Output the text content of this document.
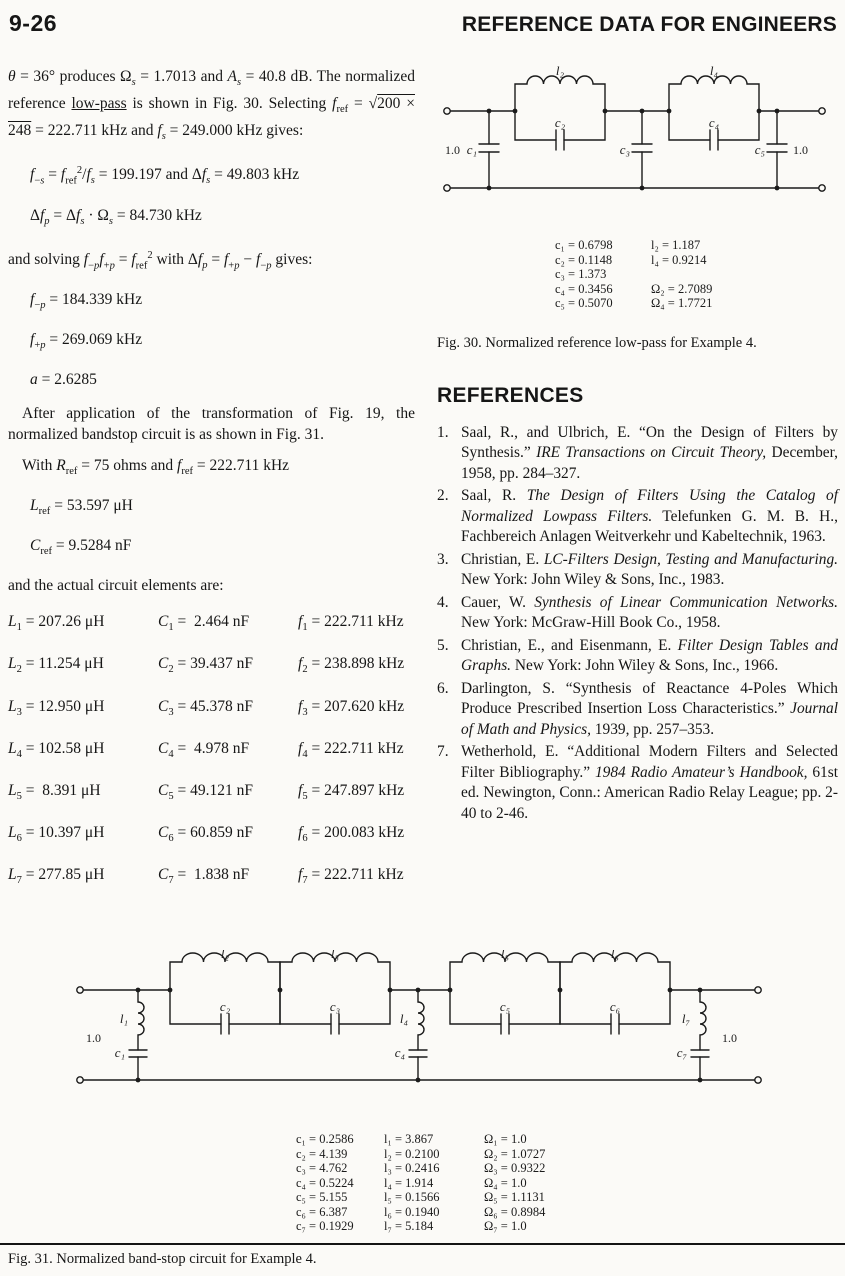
9-26	REFERENCE DATA FOR ENGINEERS

θ = 36° produces $\Omega_s = 1.7013$ and $A_s = 40.8$ dB. The normalized reference low-pass is shown in Fig. 30. Selecting $f_{ref} = √200 \times 248 = 222.711$ kHz and $f_s = 249.000$ kHz gives:

$f_{-s} = f_{ref}^2/f_s = 199.197$ and $\Delta f_s = 49.803$ kHz

$\Delta f_p = \Delta f_s \cdot \Omega_s = 84.730$ kHz

and solving $f_{-p}f_{+p} = f_{ref}^2$ with $\Delta f_p = f_{+p} - f_{-p}$ gives:

$f_{-p} = 184.339$ kHz

$f_{+p} = 269.069$ kHz

a = 2.6285

After application of the transformation of Fig. 19, the normalized bandstop circuit is as shown in Fig. 31.

With $R_{ref} = 75$ ohms and $f_{ref} = 222.711$ kHz

$L_{ref} = 53.597$ μH

$C_{ref} = 9.5284$ nF

and the actual circuit elements are:

$L_1 = 207.26$ μH	$C_1 = 2.464$ nF	$f_1 = 222.711$ kHz
$L_2 = 11.254$ μH	$C_2 = 39.437$ nF	$f_2 = 238.898$ kHz
$L_3 = 12.950$ μH	$C_3 = 45.378$ nF	$f_3 = 207.620$ kHz
$L_4 = 102.58$ μH	$C_4 = 4.978$ nF	$f_4 = 222.711$ kHz
$L_5 = 8.391$ μH	$C_5 = 49.121$ nF	$f_5 = 247.897$ kHz
$L_6 = 10.397$ μH	$C_6 = 60.859$ nF	$f_6 = 200.083$ kHz
$L_7 = 277.85$ μH	$C_7 = 1.838$ nF	$f_7 = 222.711$ kHz
l₂	l₄
c₂	c₄
1.0 c₁	c₃	c₅ 1.0
c₁ = 0.6798	l₂ = 1.187
c₂ = 0.1148	l₄ = 0.9214
c₃ = 1.373
c₄ = 0.3456	Ω₂ = 2.7089
c₅ = 0.5070	Ω₄ = 1.7721
Fig. 30. Normalized reference low-pass for Example 4.
REFERENCES
1. Saal, R., and Ulbrich, E. “On the Design of Filters by Synthesis.” IRE Transactions on Circuit Theory, December, 1958, pp. 284–327.
2. Saal, R. The Design of Filters Using the Catalog of Normalized Lowpass Filters. Telefunken G. M. B. H., Fachbereich Anlagen Weitverkehr und Kabeltechnik, 1963.
3. Christian, E. LC-Filters Design, Testing and Manufacturing. New York: John Wiley & Sons, Inc., 1983.
4. Cauer, W. Synthesis of Linear Communication Networks. New York: McGraw-Hill Book Co., 1958.
5. Christian, E., and Eisenmann, E. Filter Design Tables and Graphs. New York: John Wiley & Sons, Inc., 1966.
6. Darlington, S. “Synthesis of Reactance 4-Poles Which Produce Prescribed Insertion Loss Characteristics.” Journal of Math and Physics, 1939, pp. 257–353.
7. Wetherhold, E. “Additional Modern Filters and Selected Filter Bibliography.” 1984 Radio Amateur’s Handbook, 61st ed. Newington, Conn.: American Radio Relay League; pp. 2-40 to 2-46.
l₂	l₃	l₅	l₆
c₂	c₃	c₅	c₆
l₁
c₁
l₄
c₄
l₇
c₇
1.0	1.0
c₁ = 0.2586	l₁ = 3.867	Ω₁ = 1.0
c₂ = 4.139	l₂ = 0.2100	Ω₂ = 1.0727
c₃ = 4.762	l₃ = 0.2416	Ω₃ = 0.9322
c₄ = 0.5224	l₄ = 1.914	Ω₄ = 1.0
c₅ = 5.155	l₅ = 0.1566	Ω₅ = 1.1131
c₆ = 6.387	l₆ = 0.1940	Ω₆ = 0.8984
c₇ = 0.1929	l₇ = 5.184	Ω₇ = 1.0
Fig. 31. Normalized band-stop circuit for Example 4.
